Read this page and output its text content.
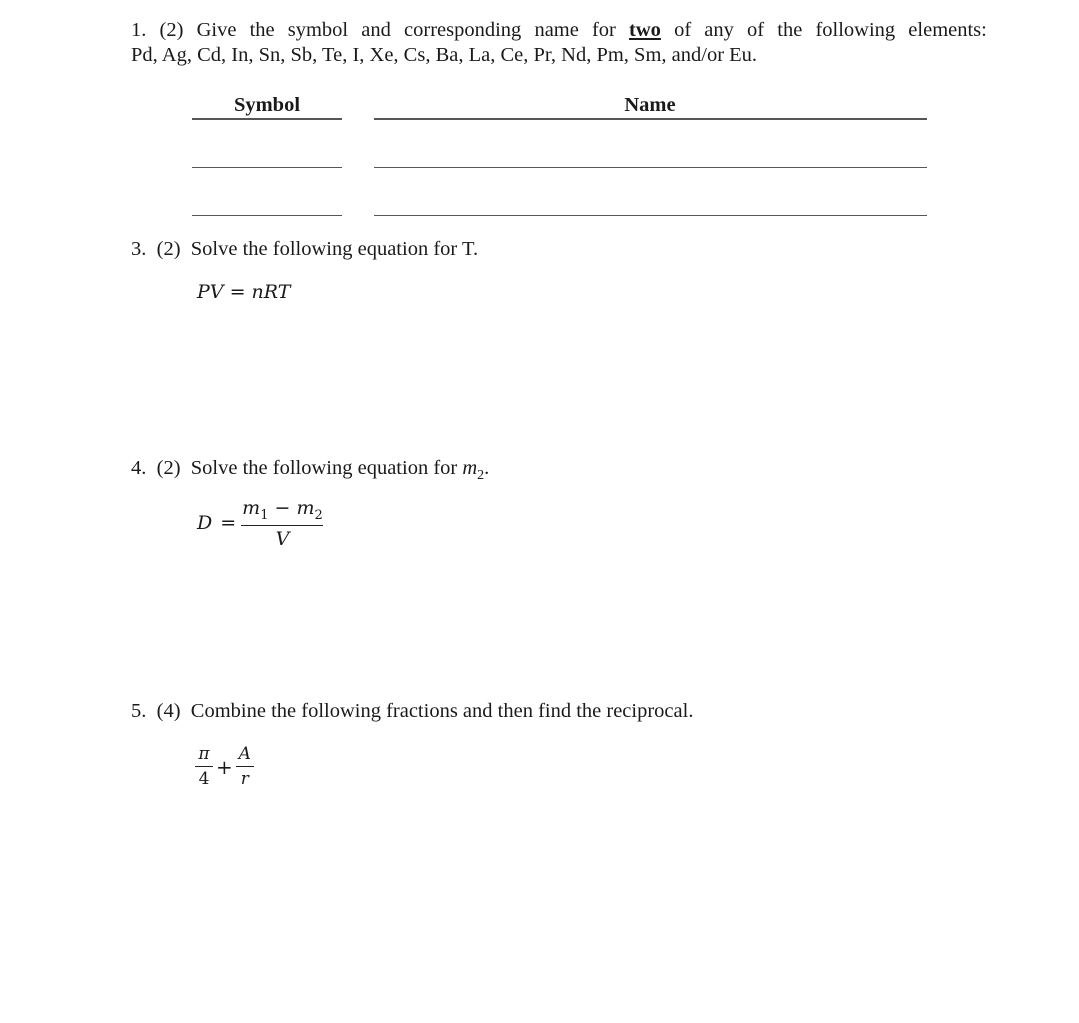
1. (2) Give the symbol and corresponding name for two of any of the following elements:
Pd, Ag, Cd, In, Sn, Sb, Te, I, Xe, Cs, Ba, La, Ce, Pr, Nd, Pm, Sm, and/or Eu.
Symbol	Name
3.  (2)  Solve the following equation for T.
PV = nRT
4.  (2)  Solve the following equation for $m_2$.
$D = \frac{m_1 - m_2}{V}$
5.  (4)  Combine the following fractions and then find the reciprocal.
$\frac{\pi}{4} + \frac{A}{r}$
